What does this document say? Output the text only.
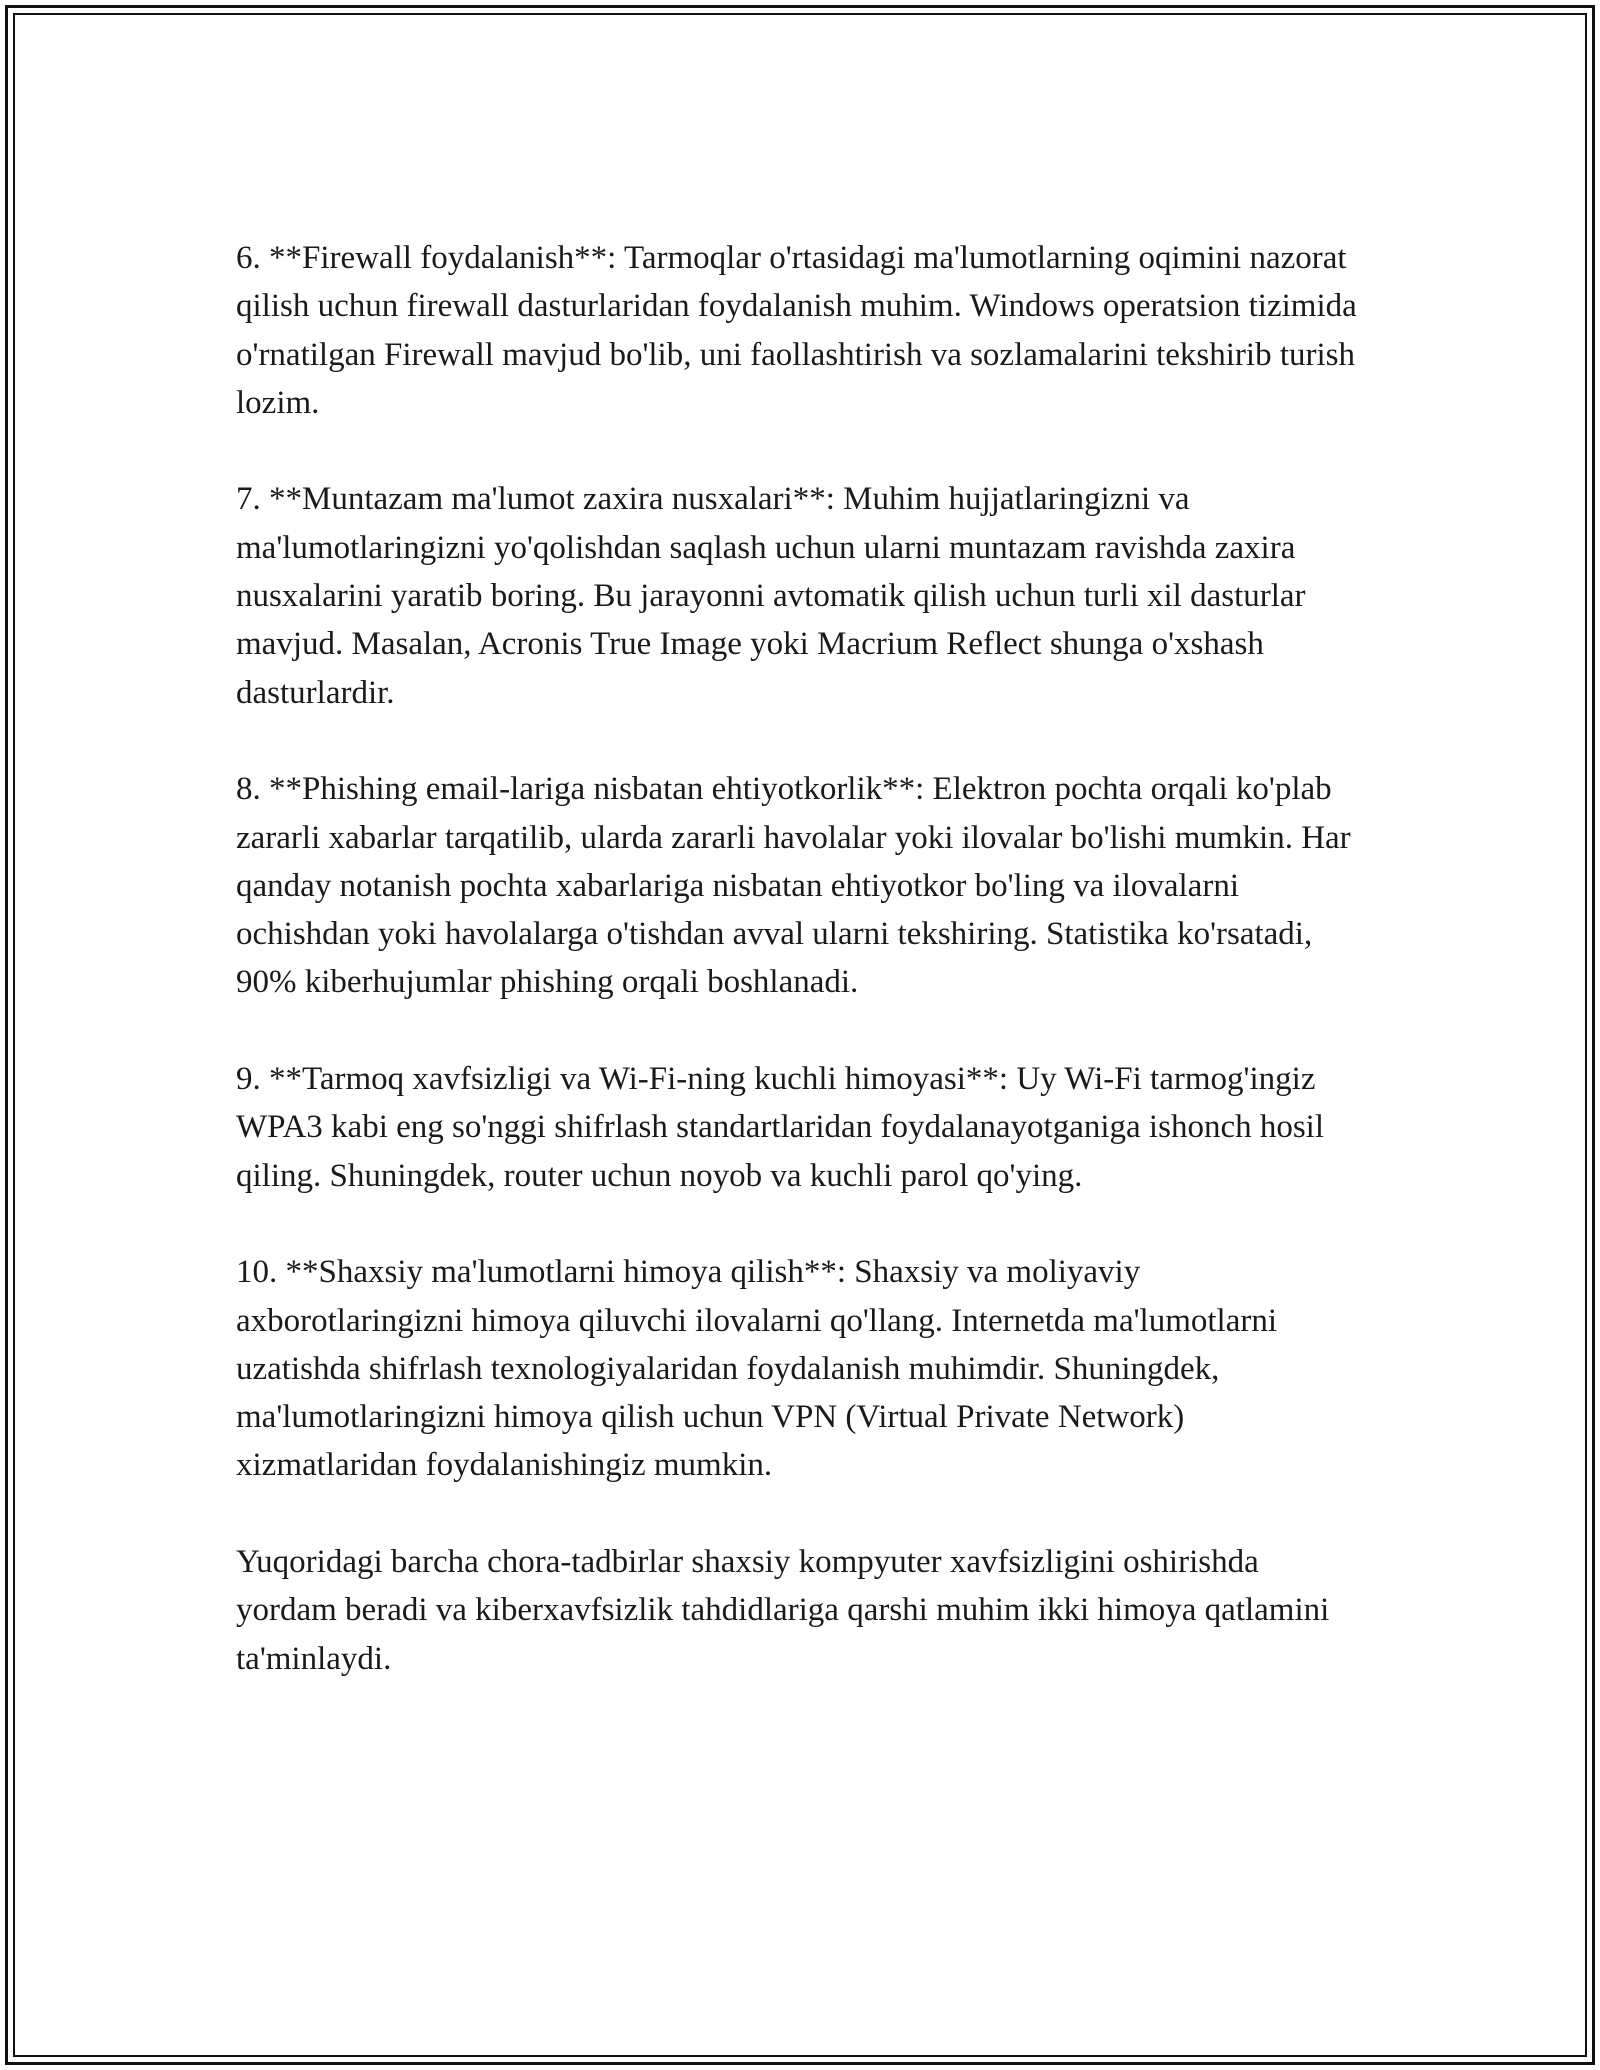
6. **Firewall foydalanish**: Tarmoqlar o'rtasidagi ma'lumotlarning oqimini nazorat qilish uchun firewall dasturlaridan foydalanish muhim. Windows operatsion tizimida o'rnatilgan Firewall mavjud bo'lib, uni faollashtirish va sozlamalarini tekshirib turish lozim.

7. **Muntazam ma'lumot zaxira nusxalari**: Muhim hujjatlaringizni va ma'lumotlaringizni yo'qolishdan saqlash uchun ularni muntazam ravishda zaxira nusxalarini yaratib boring. Bu jarayonni avtomatik qilish uchun turli xil dasturlar mavjud. Masalan, Acronis True Image yoki Macrium Reflect shunga o'xshash dasturlardir.

8. **Phishing email-lariga nisbatan ehtiyotkorlik**: Elektron pochta orqali ko'plab zararli xabarlar tarqatilib, ularda zararli havolalar yoki ilovalar bo'lishi mumkin. Har qanday notanish pochta xabarlariga nisbatan ehtiyotkor bo'ling va ilovalarni ochishdan yoki havolalarga o'tishdan avval ularni tekshiring. Statistika ko'rsatadi, 90% kiberhujumlar phishing orqali boshlanadi.

9. **Tarmoq xavfsizligi va Wi-Fi-ning kuchli himoyasi**: Uy Wi-Fi tarmog'ingiz WPA3 kabi eng so'nggi shifrlash standartlaridan foydalanayotganiga ishonch hosil qiling. Shuningdek, router uchun noyob va kuchli parol qo'ying.

10. **Shaxsiy ma'lumotlarni himoya qilish**: Shaxsiy va moliyaviy axborotlaringizni himoya qiluvchi ilovalarni qo'llang. Internetda ma'lumotlarni uzatishda shifrlash texnologiyalaridan foydalanish muhimdir. Shuningdek, ma'lumotlaringizni himoya qilish uchun VPN (Virtual Private Network) xizmatlaridan foydalanishingiz mumkin.

Yuqoridagi barcha chora-tadbirlar shaxsiy kompyuter xavfsizligini oshirishda yordam beradi va kiberxavfsizlik tahdidlariga qarshi muhim ikki himoya qatlamini ta'minlaydi.
